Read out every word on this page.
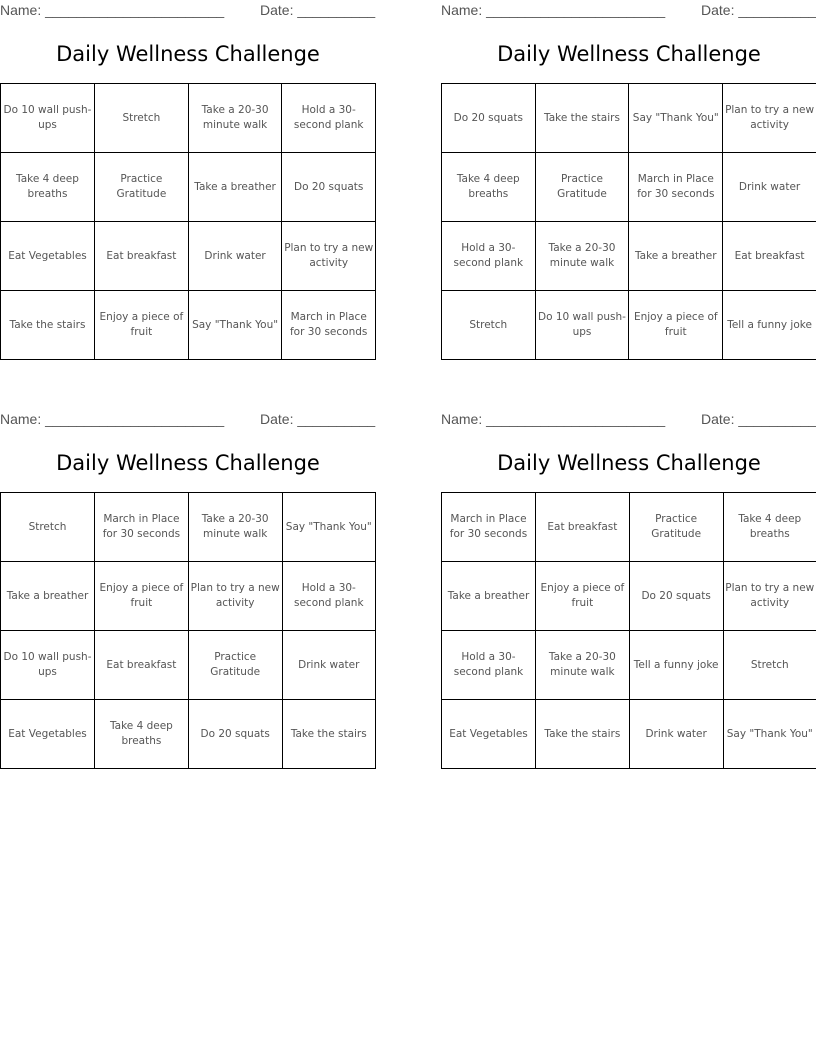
Name: _______________________	Date: __________
Daily Wellness Challenge
Do 10 wall push-ups	Stretch	Take a 20-30 minute walk	Hold a 30-second plank
Take 4 deep breaths	Practice Gratitude	Take a breather	Do 20 squats
Eat Vegetables	Eat breakfast	Drink water	Plan to try a new activity
Take the stairs	Enjoy a piece of fruit	Say "Thank You"	March in Place for 30 seconds
Name: _______________________	Date: __________
Daily Wellness Challenge
Do 20 squats	Take the stairs	Say "Thank You"	Plan to try a new activity
Take 4 deep breaths	Practice Gratitude	March in Place for 30 seconds	Drink water
Hold a 30-second plank	Take a 20-30 minute walk	Take a breather	Eat breakfast
Stretch	Do 10 wall push-ups	Enjoy a piece of fruit	Tell a funny joke
Name: _______________________	Date: __________
Daily Wellness Challenge
Stretch	March in Place for 30 seconds	Take a 20-30 minute walk	Say "Thank You"
Take a breather	Enjoy a piece of fruit	Plan to try a new activity	Hold a 30-second plank
Do 10 wall push-ups	Eat breakfast	Practice Gratitude	Drink water
Eat Vegetables	Take 4 deep breaths	Do 20 squats	Take the stairs
Name: _______________________	Date: __________
Daily Wellness Challenge
March in Place for 30 seconds	Eat breakfast	Practice Gratitude	Take 4 deep breaths
Take a breather	Enjoy a piece of fruit	Do 20 squats	Plan to try a new activity
Hold a 30-second plank	Take a 20-30 minute walk	Tell a funny joke	Stretch
Eat Vegetables	Take the stairs	Drink water	Say "Thank You"
